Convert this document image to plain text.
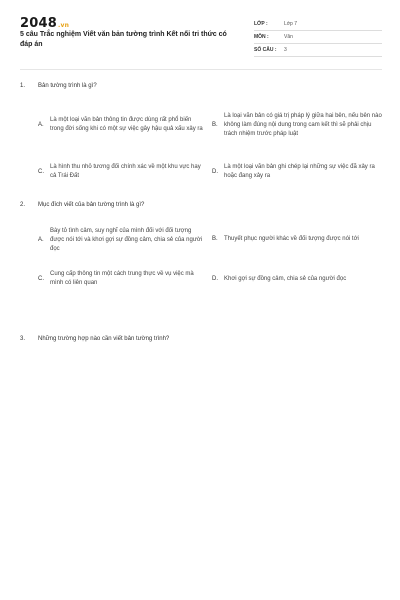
2048.vn
5 câu Trắc nghiệm Viết văn bản tường trình Kết nối tri thức có đáp án
LỚP :	Lớp 7
MÔN :	Văn
SỐ CÂU :	3
1. Bản tường trình là gì?
A.
Là một loại văn bản thông tin được dùng rất phổ biến trong đời sống khi có một sự việc gây hậu quả xấu xảy ra
B.
Là loại văn bản có giá trị pháp lý giữa hai bên, nếu bên nào không làm đúng nội dung trong cam kết thì sẽ phải chịu trách nhiệm trước pháp luật
C.
Là hình thu nhỏ tương đối chính xác về một khu vực hay cả Trái Đất
D.
Là một loại văn bản ghi chép lại những sự việc đã xảy ra hoặc đang xảy ra
2. Mục đích viết của bản tường trình là gì?
A.
Bày tỏ tình cảm, suy nghĩ của mình đối với đối tượng được nói tới và khơi gợi sự đồng cảm, chia sẻ của người đọc
B.	Thuyết phục người khác về đối tượng được nói tới
C.
Cung cấp thông tin một cách trung thực về vụ việc mà mình có liên quan
D.	Khơi gợi sự đồng cảm, chia sẻ của người đọc
3. Những trường hợp nào cần viết bản tường trình?
